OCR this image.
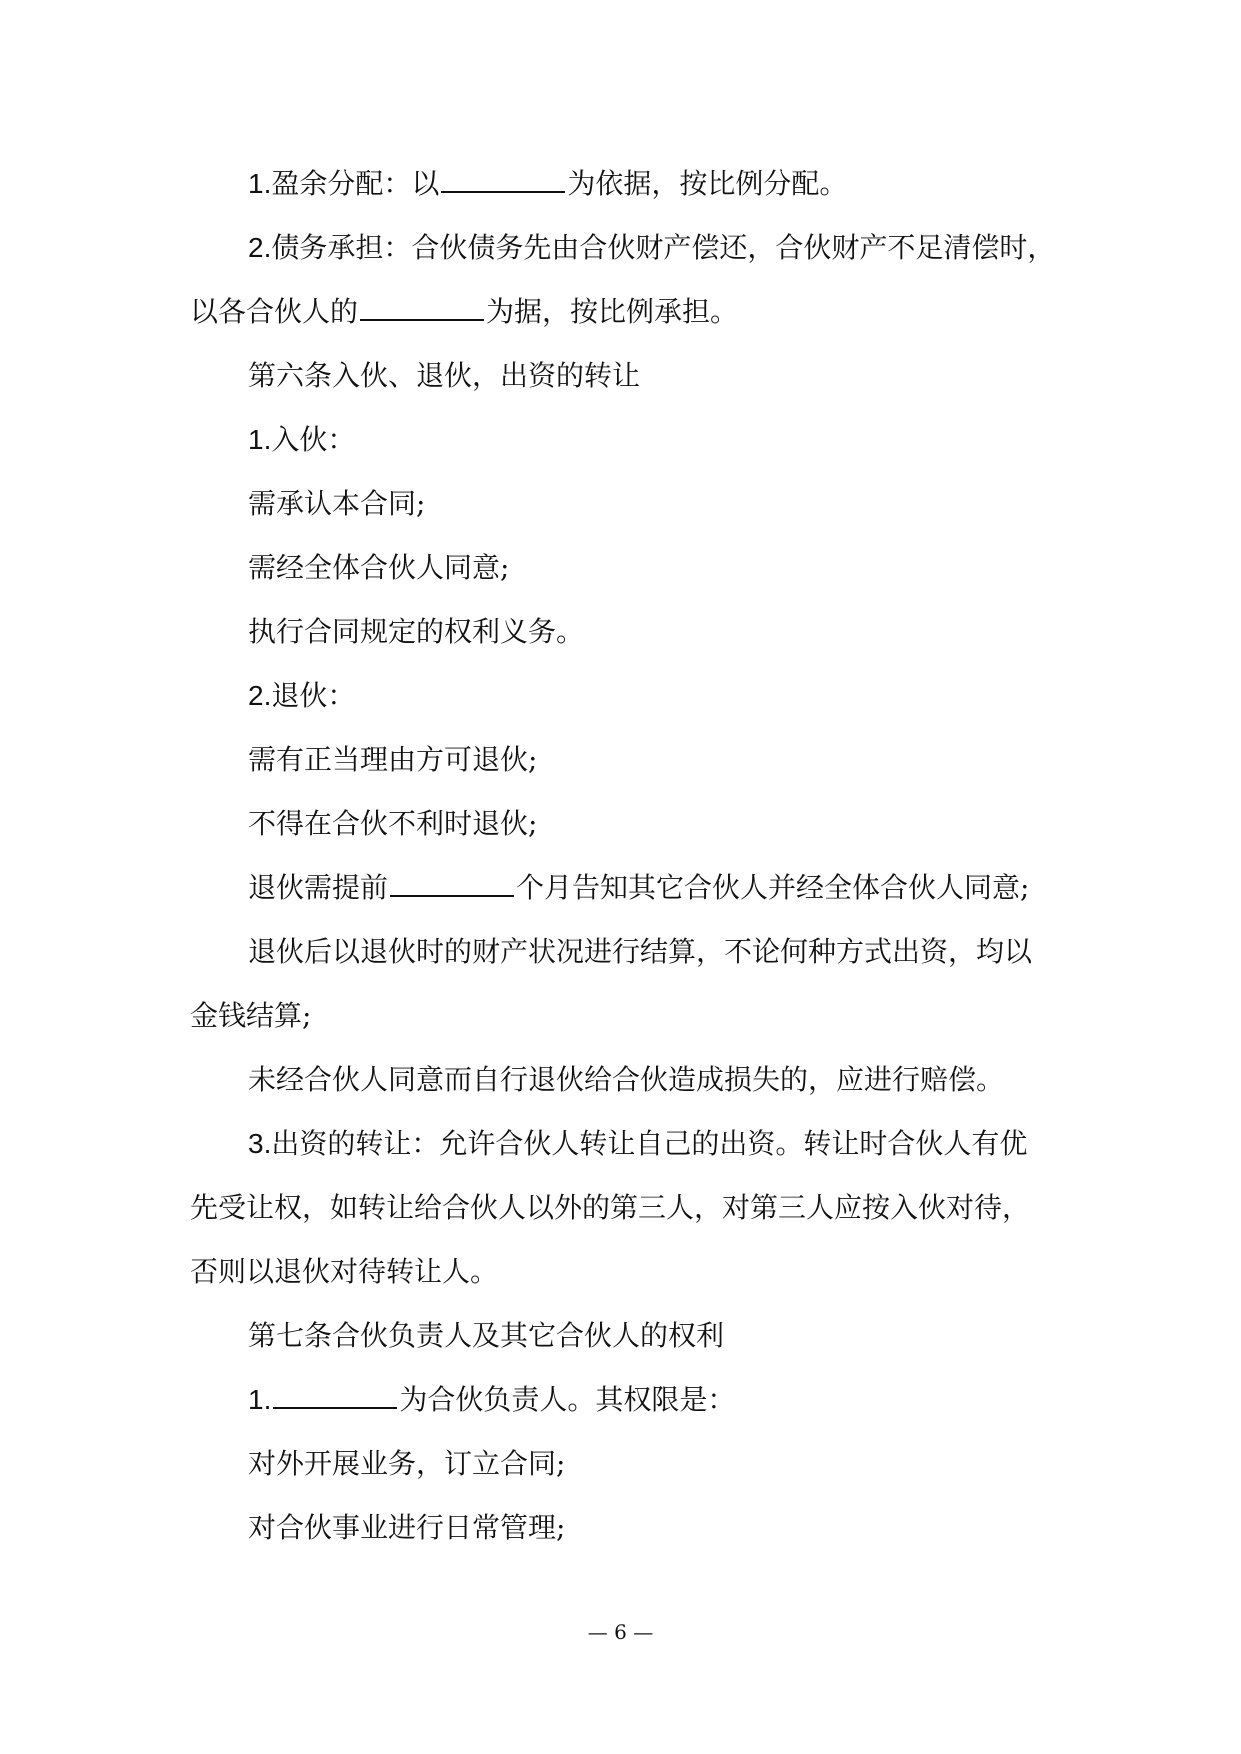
1.盈余分配：以	为依据，按比例分配。

2.债务承担：合伙债务先由合伙财产偿还，合伙财产不足清偿时，

以各合伙人的	为据，按比例承担。

第六条入伙、退伙，出资的转让

1.入伙：

需承认本合同;

需经全体合伙人同意;

执行合同规定的权利义务。

2.退伙：

需有正当理由方可退伙;

不得在合伙不利时退伙;

退伙需提前	个月告知其它合伙人并经全体合伙人同意;

退伙后以退伙时的财产状况进行结算，不论何种方式出资，均以

金钱结算;

未经合伙人同意而自行退伙给合伙造成损失的，应进行赔偿。

3.出资的转让：允许合伙人转让自己的出资。转让时合伙人有优

先受让权，如转让给合伙人以外的第三人，对第三人应按入伙对待，

否则以退伙对待转让人。

第七条合伙负责人及其它合伙人的权利

1.	为合伙负责人。其权限是：

对外开展业务，订立合同;

对合伙事业进行日常管理;

— 6 —
